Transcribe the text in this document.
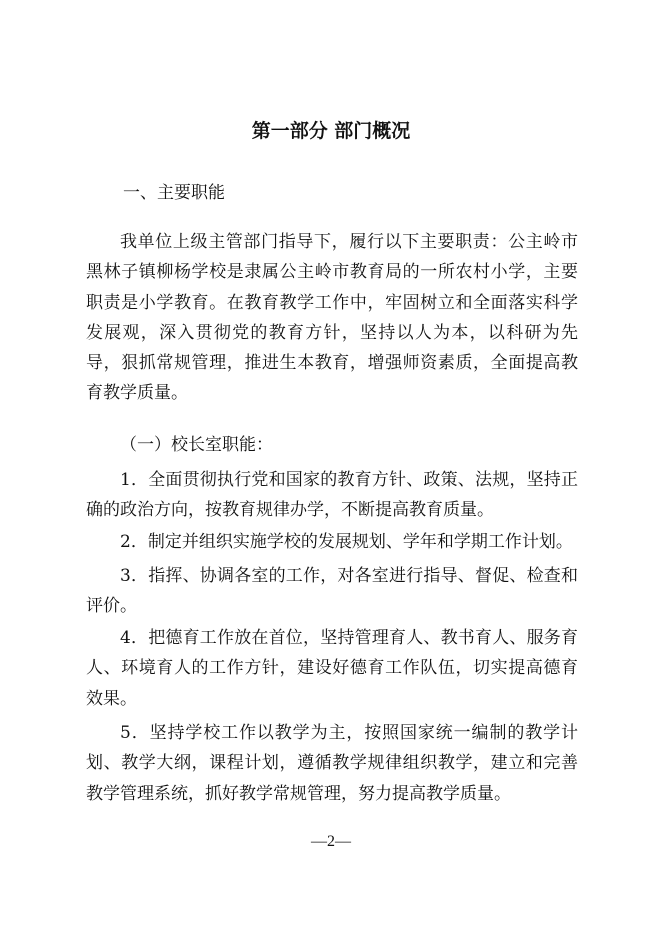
第一部分 部门概况
一、主要职能
我单位上级主管部门指导下，履行以下主要职责：公主岭市黑林子镇柳杨学校是隶属公主岭市教育局的一所农村小学，主要职责是小学教育。在教育教学工作中，牢固树立和全面落实科学发展观，深入贯彻党的教育方针，坚持以人为本，以科研为先导，狠抓常规管理，推进生本教育，增强师资素质，全面提高教育教学质量。
（一）校长室职能：
1．全面贯彻执行党和国家的教育方针、政策、法规，坚持正确的政治方向，按教育规律办学，不断提高教育质量。
2．制定并组织实施学校的发展规划、学年和学期工作计划。
3．指挥、协调各室的工作，对各室进行指导、督促、检查和评价。
4．把德育工作放在首位，坚持管理育人、教书育人、服务育人、环境育人的工作方针，建设好德育工作队伍，切实提高德育效果。
5．坚持学校工作以教学为主，按照国家统一编制的教学计划、教学大纲，课程计划，遵循教学规律组织教学，建立和完善教学管理系统，抓好教学常规管理，努力提高教学质量。
—2—
